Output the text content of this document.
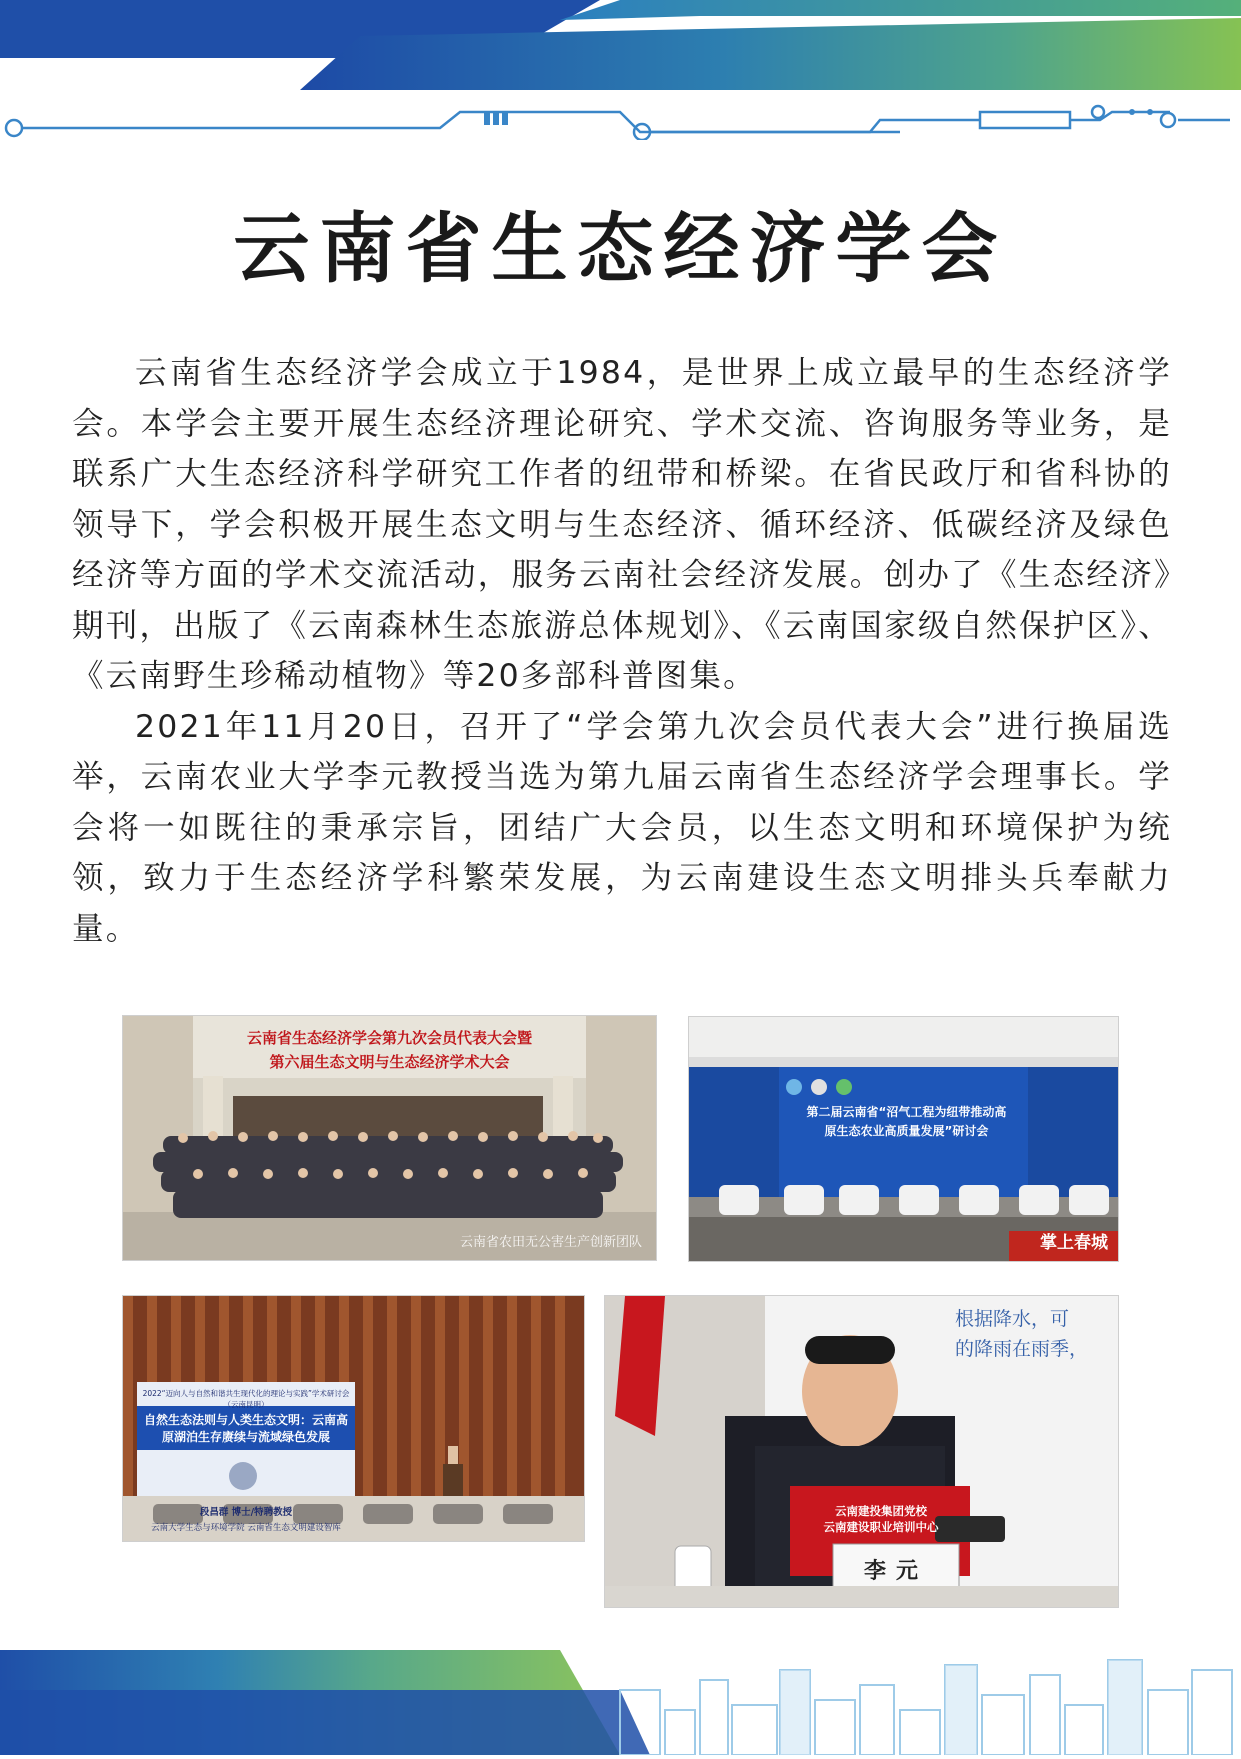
云南省生态经济学会

云南省生态经济学会成立于1984，是世界上成立最早的生态经济学会。本学会主要开展生态经济理论研究、学术交流、咨询服务等业务，是联系广大生态经济科学研究工作者的纽带和桥梁。在省民政厅和省科协的领导下，学会积极开展生态文明与生态经济、循环经济、低碳经济及绿色经济等方面的学术交流活动，服务云南社会经济发展。创办了《生态经济》期刊，出版了《云南森林生态旅游总体规划》、《云南国家级自然保护区》、《云南野生珍稀动植物》等20多部科普图集。

2021年11月20日，召开了“学会第九次会员代表大会”进行换届选举，云南农业大学李元教授当选为第九届云南省生态经济学会理事长。学会将一如既往的秉承宗旨，团结广大会员，以生态文明和环境保护为统领，致力于生态经济学科繁荣发展，为云南建设生态文明排头兵奉献力量。

云南省生态经济学会第九次会员代表大会暨
第六届生态文明与生态经济学术大会
云南省农田无公害生产创新团队
第二届云南省“沼气工程为纽带推动高
原生态农业高质量发展”研讨会
掌上春城
2022“迈向人与自然和谐共生现代化的理论与实践”学术研讨会（云南昆明）
自然生态法则与人类生态文明：云南高
原湖泊生存赓续与流域绿色发展
段昌群 博士/特聘教授
云南大学生态与环境学院 云南省生态文明建设智库
根据降水，可
的降雨在雨季，
云南建投集团党校
云南建设职业培训中心
李元
